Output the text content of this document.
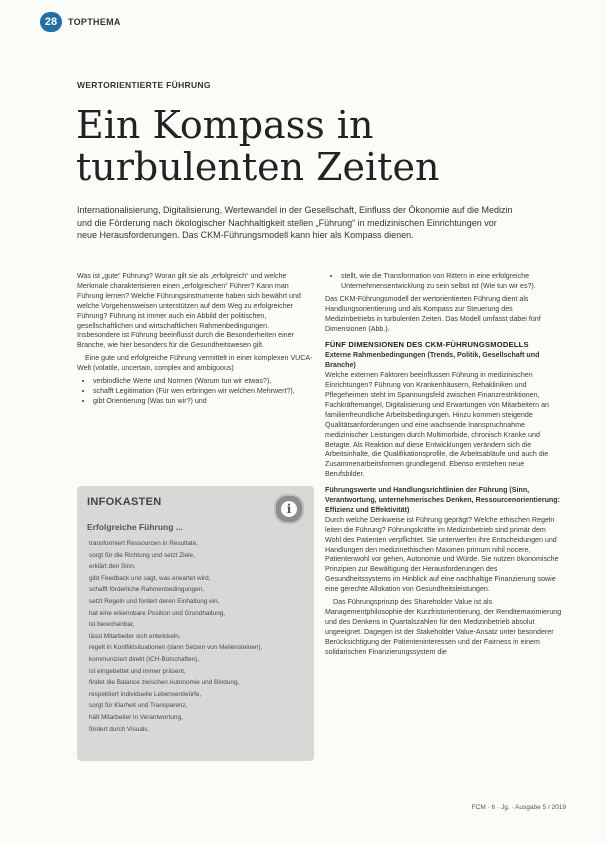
28	TOPTHEMA
WERTORIENTIERTE FÜHRUNG
Ein Kompass in
turbulenten Zeiten

Internationalisierung, Digitalisierung, Wertewandel in der Gesellschaft, Einfluss der Ökonomie auf die Medizin und die Förderung nach ökologischer Nachhaltigkeit stellen „Führung“ in medizinischen Einrichtungen vor neue Herausforderungen. Das CKM-Führungsmodell kann hier als Kompass dienen.

Was ist „gute“ Führung? Woran gilt sie als „erfolgreich“ und welche Merkmale charakterisieren einen „erfolgreichen“ Führer? Kann man Führung lernen? Welche Führungsinstrumente haben sich bewährt und welche Vorgehensweisen unterstützen auf dem Weg zu erfolgreicher Führung? Führung ist immer auch ein Abbild der politischen, gesellschaftlichen und wirtschaftlichen Rahmenbedingungen. Insbesondere ist Führung beeinflusst durch die Besonderheiten einer Branche, wie hier besonders für die Gesundheitswesen gilt.

Eine gute und erfolgreiche Führung vermittelt in einer komplexen VUCA-Welt (volatile, uncertain, complex and ambiguous)

• verbindliche Werte und Normen (Warum tun wir etwas?),
• schafft Legitimation (Für wen erbringen wir welchen Mehrwert?),
• gibt Orientierung (Was tun wir?) und
INFOKASTEN	i
Erfolgreiche Führung ...
transformiert Ressourcen in Resultate,
sorgt für die Richtung und setzt Ziele,
erklärt den Sinn,
gibt Feedback und sagt, was erwartet wird,
schafft förderliche Rahmenbedingungen,
setzt Regeln und fordert deren Einhaltung ein,
hat eine erkennbare Position und Grundhaltung,
ist berechenbar,
lässt Mitarbeiter sich entwickeln,
regelt in Konfliktsituationen (dann Setzen von Meilensteinen),
kommuniziert direkt (ICH-Botschaften),
ist eingebettet und immer präsent,
findet die Balance zwischen Autonomie und Bindung,
respektiert individuelle Lebensentwürfe,
sorgt für Klarheit und Transparenz,
hält Mitarbeiter in Verantwortung,
fördert durch Visuals.
• stellt, wie die Transformation von Rittern in eine erfolgreiche Unternehmensentwicklung zu sein selbst ist (Wie tun wir es?).

Das CKM-Führungsmodell der wertorientierten Führung dient als Handlungsorientierung und als Kompass zur Steuerung des Medizinbetriebs in turbulenten Zeiten. Das Modell umfasst dabei fünf Dimensionen (Abb.).

FÜNF DIMENSIONEN DES CKM-FÜHRUNGSMODELLS
Externe Rahmenbedingungen (Trends, Politik, Gesellschaft und Branche)

Welche externen Faktoren beeinflussen Führung in medizinischen Einrichtungen? Führung von Krankenhäusern, Rehakliniken und Pflegeheimen steht im Spannungsfeld zwischen Finanzrestriktionen, Fachkräftemangel, Digitalisierung und Erwartungen von Mitarbeitern an familienfreundliche Arbeitsbedingungen. Hinzu kommen steigende Qualitätsanforderungen und eine wachsende Inanspruchnahme medizinischer Leistungen durch Multimorbide, chronisch Kranke und Betagte. Als Reaktion auf diese Entwicklungen verändern sich die Arbeitsinhalte, die Qualifikationsprofile, die Arbeitsabläufe und auch die Zusammenarbeitsformen grundlegend. Ebenso entstehen neue Berufsbilder.

Führungswerte und Handlungsrichtlinien der Führung (Sinn, Verantwortung, unternehmerisches Denken, Ressourcenorientierung: Effizienz und Effektivität)

Durch welche Denkweise ist Führung geprägt? Welche ethischen Regeln leiten die Führung? Führungskräfte im Medizinbetrieb sind primär dem Wohl des Patienten verpflichtet. Sie unterwerfen ihre Entscheidungen und Handlungen den medizinethischen Maximen primum nihil nocere, Patientenwohl vor gehen, Autonomie und Würde. Sie nutzen ökonomische Prinzipien zur Bewältigung der Herausforderungen des Gesundheitssystems im Hinblick auf eine nachhaltige Finanzierung sowie eine gerechte Allokation von Gesundheitsleistungen.

Das Führungsprinzip des Shareholder Value ist als Managementphilosophie der Kurzfristorientierung, der Renditemaximierung und des Denkens in Quartalszahlen für den Medizinbetrieb absolut ungeeignet. Dagegen ist der Stakeholder Value-Ansatz unter besonderer Berücksichtigung der Patienteninteressen und der Fairness in einem solidarischen Finanzierungssystem die

FCM · 6 · Jg. · Ausgabe 5 / 2019
